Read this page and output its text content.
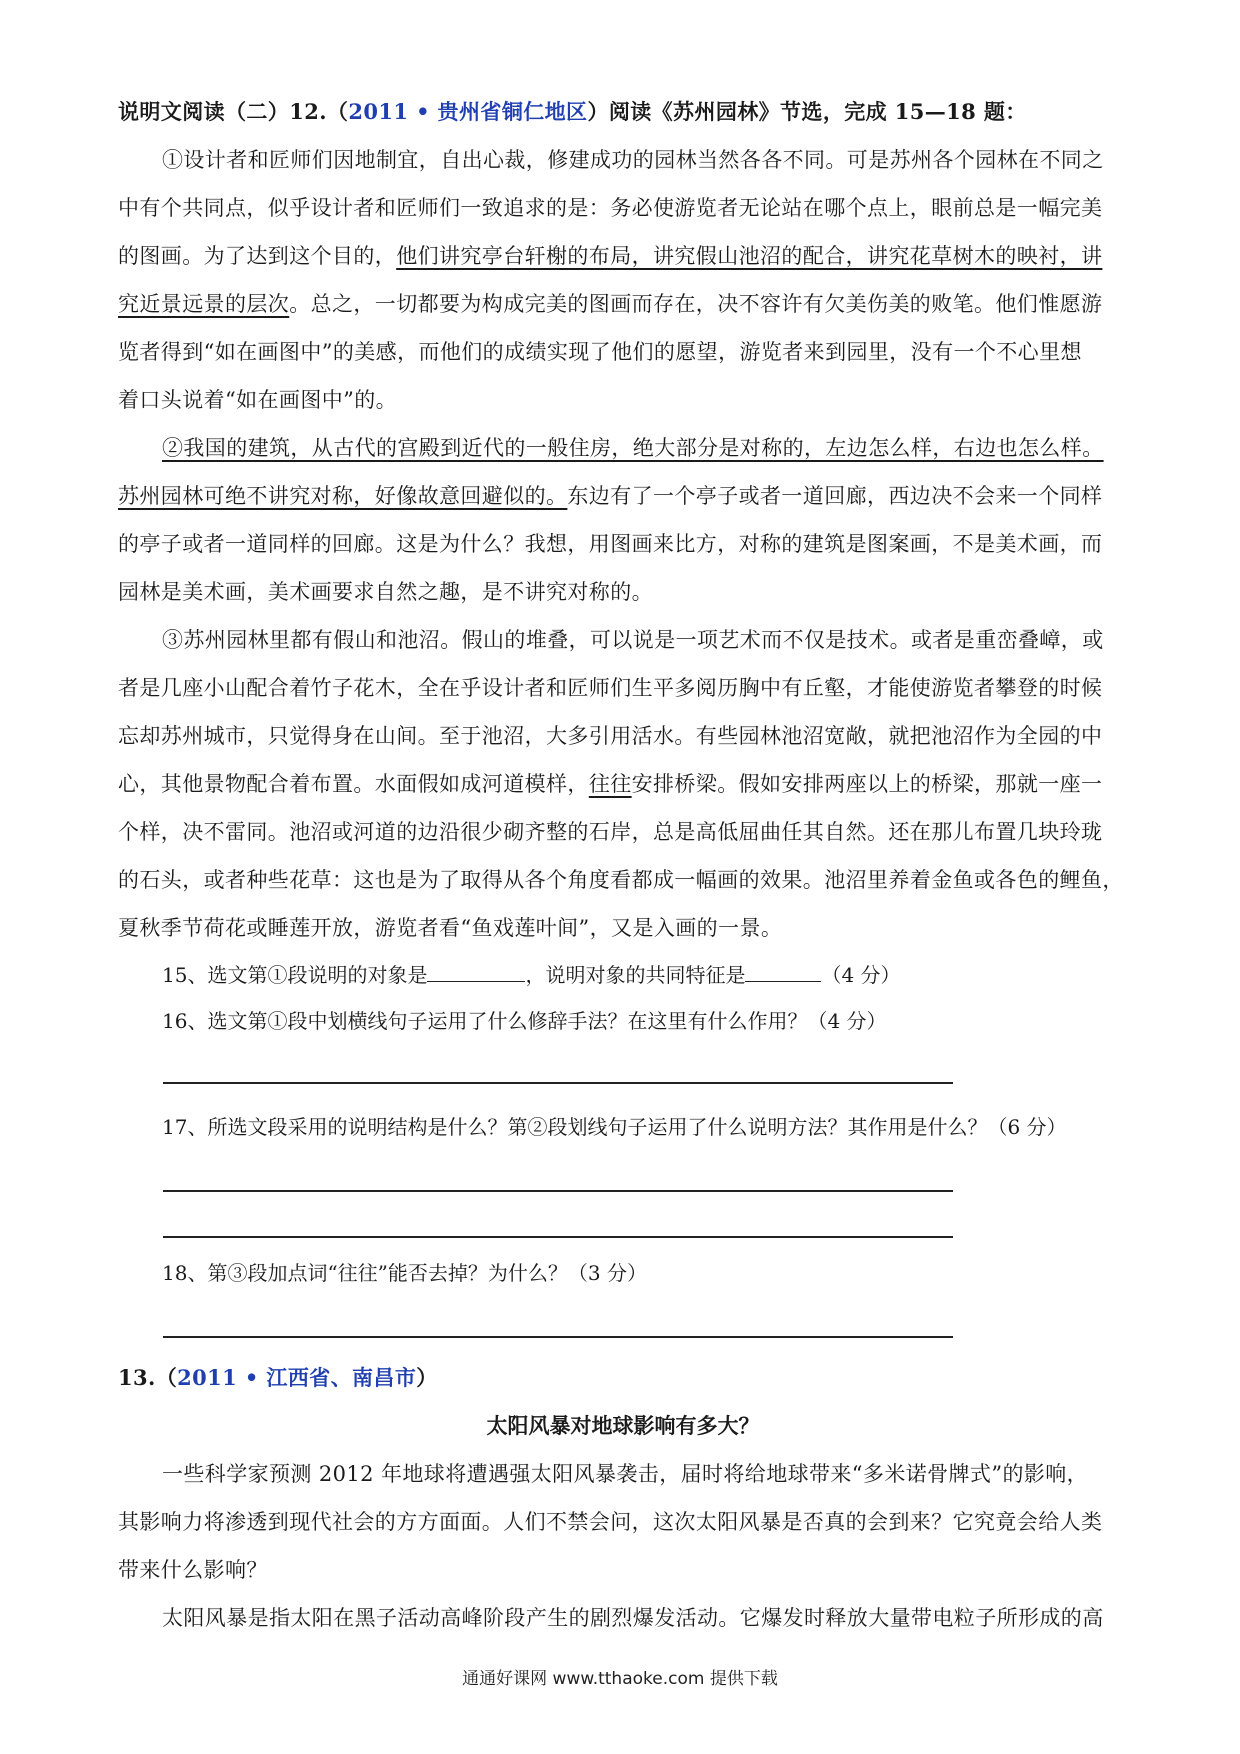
说明文阅读（二）12.（2011 • 贵州省铜仁地区）阅读《苏州园林》节选，完成 15—18 题：
①设计者和匠师们因地制宜，自出心裁，修建成功的园林当然各各不同。可是苏州各个园林在不同之
中有个共同点，似乎设计者和匠师们一致追求的是：务必使游览者无论站在哪个点上，眼前总是一幅完美
的图画。为了达到这个目的，他们讲究亭台轩榭的布局，讲究假山池沼的配合，讲究花草树木的映衬，讲
究近景远景的层次。总之，一切都要为构成完美的图画而存在，决不容许有欠美伤美的败笔。他们惟愿游
览者得到“如在画图中”的美感，而他们的成绩实现了他们的愿望，游览者来到园里，没有一个不心里想
着口头说着“如在画图中”的。
②我国的建筑，从古代的宫殿到近代的一般住房，绝大部分是对称的，左边怎么样，右边也怎么样。
苏州园林可绝不讲究对称，好像故意回避似的。东边有了一个亭子或者一道回廊，西边决不会来一个同样
的亭子或者一道同样的回廊。这是为什么？我想，用图画来比方，对称的建筑是图案画，不是美术画，而
园林是美术画，美术画要求自然之趣，是不讲究对称的。
③苏州园林里都有假山和池沼。假山的堆叠，可以说是一项艺术而不仅是技术。或者是重峦叠嶂，或
者是几座小山配合着竹子花木，全在乎设计者和匠师们生平多阅历胸中有丘壑，才能使游览者攀登的时候
忘却苏州城市，只觉得身在山间。至于池沼，大多引用活水。有些园林池沼宽敞，就把池沼作为全园的中
心，其他景物配合着布置。水面假如成河道模样，往往安排桥梁。假如安排两座以上的桥梁，那就一座一
个样，决不雷同。池沼或河道的边沿很少砌齐整的石岸，总是高低屈曲任其自然。还在那儿布置几块玲珑
的石头，或者种些花草：这也是为了取得从各个角度看都成一幅画的效果。池沼里养着金鱼或各色的鲤鱼，
夏秋季节荷花或睡莲开放，游览者看“鱼戏莲叶间”，又是入画的一景。
15、选文第①段说明的对象是	，说明对象的共同特征是	（4 分）
16、选文第①段中划横线句子运用了什么修辞手法？在这里有什么作用？（4 分）
17、所选文段采用的说明结构是什么？第②段划线句子运用了什么说明方法？其作用是什么？（6 分）
18、第③段加点词“往往”能否去掉？为什么？（3 分）
13.（2011 • 江西省、南昌市）
太阳风暴对地球影响有多大？
一些科学家预测 2012 年地球将遭遇强太阳风暴袭击，届时将给地球带来“多米诺骨牌式”的影响，
其影响力将渗透到现代社会的方方面面。人们不禁会问，这次太阳风暴是否真的会到来？它究竟会给人类
带来什么影响？
太阳风暴是指太阳在黑子活动高峰阶段产生的剧烈爆发活动。它爆发时释放大量带电粒子所形成的高
通通好课网 www.tthaoke.com 提供下载
